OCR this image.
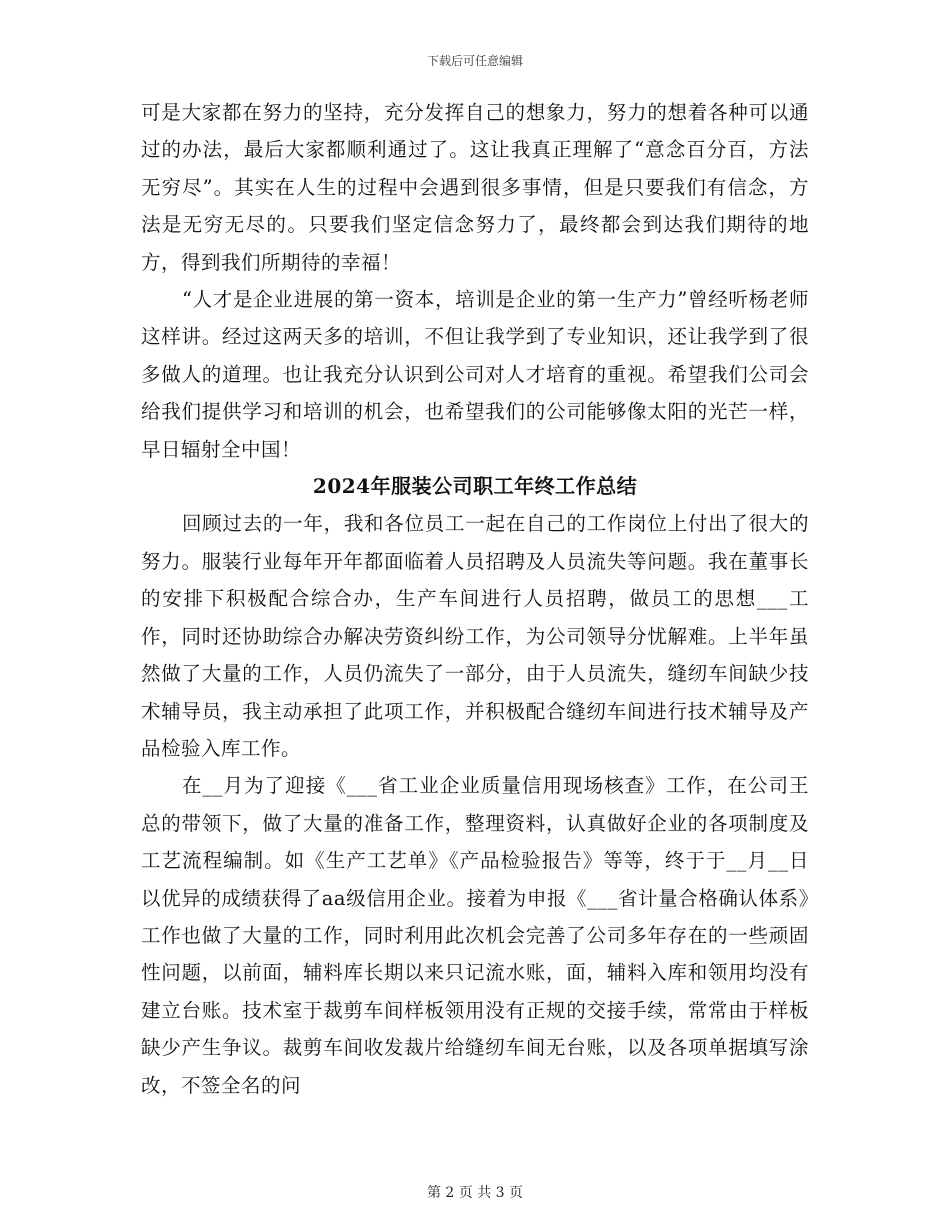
下载后可任意编辑

可是大家都在努力的坚持，充分发挥自己的想象力，努力的想着各种可以通过的办法，最后大家都顺利通过了。这让我真正理解了“意念百分百，方法无穷尽”。其实在人生的过程中会遇到很多事情，但是只要我们有信念，方法是无穷无尽的。只要我们坚定信念努力了，最终都会到达我们期待的地方，得到我们所期待的幸福！

“人才是企业进展的第一资本，培训是企业的第一生产力”曾经听杨老师这样讲。经过这两天多的培训，不但让我学到了专业知识，还让我学到了很多做人的道理。也让我充分认识到公司对人才培育的重视。希望我们公司会给我们提供学习和培训的机会，也希望我们的公司能够像太阳的光芒一样，早日辐射全中国！

2024年服装公司职工年终工作总结

回顾过去的一年，我和各位员工一起在自己的工作岗位上付出了很大的努力。服装行业每年开年都面临着人员招聘及人员流失等问题。我在董事长的安排下积极配合综合办，生产车间进行人员招聘，做员工的思想___工作，同时还协助综合办解决劳资纠纷工作，为公司领导分忧解难。上半年虽然做了大量的工作，人员仍流失了一部分，由于人员流失，缝纫车间缺少技术辅导员，我主动承担了此项工作，并积极配合缝纫车间进行技术辅导及产品检验入库工作。

在__月为了迎接《___省工业企业质量信用现场核查》工作，在公司王总的带领下，做了大量的准备工作，整理资料，认真做好企业的各项制度及工艺流程编制。如《生产工艺单》《产品检验报告》等等，终于于__月__日以优异的成绩获得了aa级信用企业。接着为申报《___省计量合格确认体系》工作也做了大量的工作，同时利用此次机会完善了公司多年存在的一些顽固性问题，以前面，辅料库长期以来只记流水账，面，辅料入库和领用均没有建立台账。技术室于裁剪车间样板领用没有正规的交接手续，常常由于样板缺少产生争议。裁剪车间收发裁片给缝纫车间无台账，以及各项单据填写涂改，不签全名的问

第 2 页 共 3 页
